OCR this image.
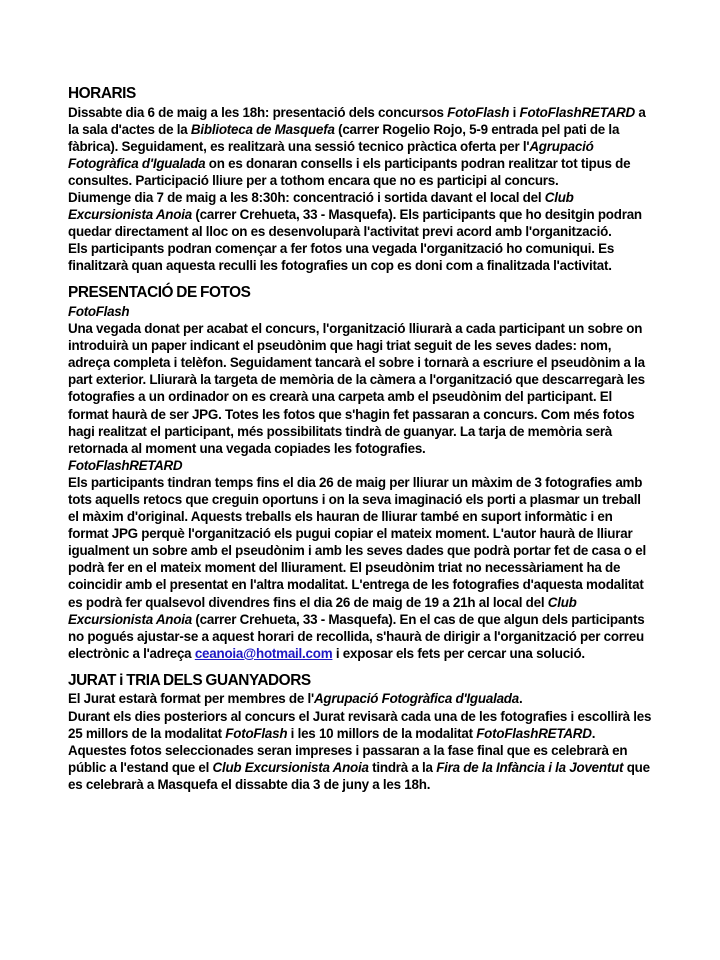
HORARIS

Dissabte dia 6 de maig a les 18h: presentació dels concursos FotoFlash i FotoFlashRETARD a la sala d'actes de la Biblioteca de Masquefa (carrer Rogelio Rojo, 5-9 entrada pel pati de la fàbrica). Seguidament, es realitzarà una sessió tecnico pràctica oferta per l'Agrupació Fotogràfica d'Igualada on es donaran consells i els participants podran realitzar tot tipus de consultes. Participació lliure per a tothom encara que no es participi al concurs.

Diumenge dia 7 de maig a les 8:30h: concentració i sortida davant el local del Club Excursionista Anoia (carrer Crehueta, 33 - Masquefa). Els participants que ho desitgin podran quedar directament al lloc on es desenvoluparà l'activitat previ acord amb l'organització.

Els participants podran començar a fer fotos una vegada l'organització ho comuniqui. Es finalitzarà quan aquesta reculli les fotografies un cop es doni com a finalitzada l'activitat.

PRESENTACIÓ DE FOTOS
FotoFlash

Una vegada donat per acabat el concurs, l'organització lliurarà a cada participant un sobre on introduirà un paper indicant el pseudònim que hagi triat seguit de les seves dades: nom, adreça completa i telèfon. Seguidament tancarà el sobre i tornarà a escriure el pseudònim a la part exterior. Lliurarà la targeta de memòria de la càmera a l'organització que descarregarà les fotografies a un ordinador on es crearà una carpeta amb el pseudònim del participant. El format haurà de ser JPG. Totes les fotos que s'hagin fet passaran a concurs. Com més fotos hagi realitzat el participant, més possibilitats tindrà de guanyar. La tarja de memòria serà retornada al moment una vegada copiades les fotografies.

FotoFlashRETARD

Els participants tindran temps fins el dia 26 de maig per lliurar un màxim de 3 fotografies amb tots aquells retocs que creguin oportuns i on la seva imaginació els porti a plasmar un treball el màxim d'original. Aquests treballs els hauran de lliurar també en suport informàtic i en format JPG perquè l'organització els pugui copiar el mateix moment. L'autor haurà de lliurar igualment un sobre amb el pseudònim i amb les seves dades que podrà portar fet de casa o el podrà fer en el mateix moment del lliurament. El pseudònim triat no necessàriament ha de coincidir amb el presentat en l'altra modalitat. L'entrega de les fotografies d'aquesta modalitat es podrà fer qualsevol divendres fins el dia 26 de maig de 19 a 21h al local del Club Excursionista Anoia (carrer Crehueta, 33 - Masquefa). En el cas de que algun dels participants no pogués ajustar-se a aquest horari de recollida, s'haurà de dirigir a l'organització per correu electrònic a l'adreça ceanoia@hotmail.com i exposar els fets per cercar una solució.

JURAT i TRIA DELS GUANYADORS

El Jurat estarà format per membres de l'Agrupació Fotogràfica d'Igualada.

Durant els dies posteriors al concurs el Jurat revisarà cada una de les fotografies i escollirà les 25 millors de la modalitat FotoFlash i les 10 millors de la modalitat FotoFlashRETARD. Aquestes fotos seleccionades seran impreses i passaran a la fase final que es celebrarà en públic a l'estand que el Club Excursionista Anoia tindrà a la Fira de la Infància i la Joventut que es celebrarà a Masquefa el dissabte dia 3 de juny a les 18h.
